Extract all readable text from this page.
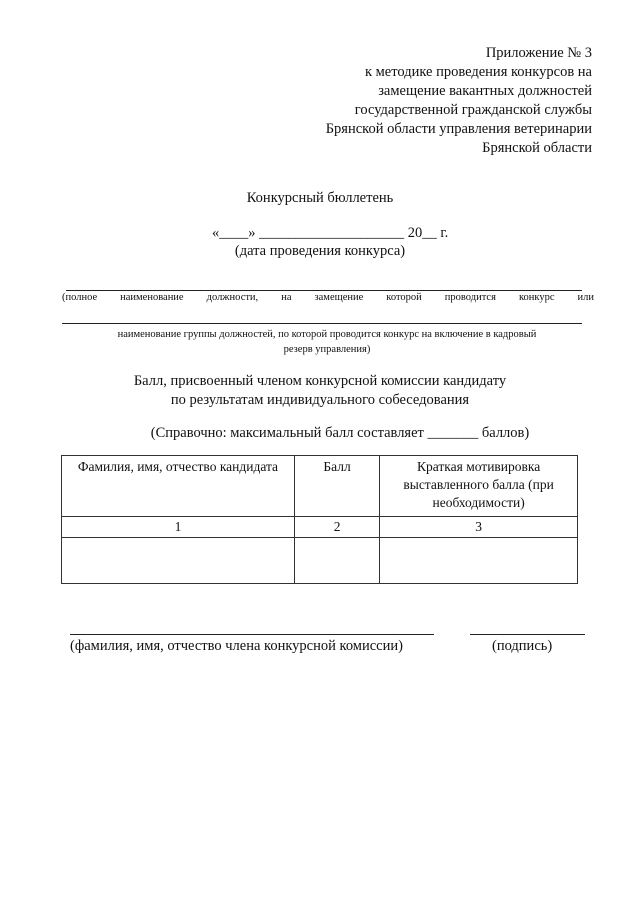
Приложение № 3
к методике проведения конкурсов на
замещение вакантных должностей
государственной гражданской службы
Брянской области управления ветеринарии
Брянской области
Конкурсный бюллетень
«____» ____________________ 20__ г.
(дата проведения конкурса)
(полное наименование должности, на замещение которой проводится конкурс или
наименование группы должностей, по которой проводится конкурс на включение в кадровый
резерв управления)
Балл, присвоенный членом конкурсной комиссии кандидату
по результатам индивидуального собеседования
(Справочно: максимальный балл составляет _______ баллов)
Фамилия, имя, отчество кандидата	Балл	Краткая мотивировка выставленного балла (при необходимости)
1	2	3

(фамилия, имя, отчество члена конкурсной комиссии)	(подпись)
